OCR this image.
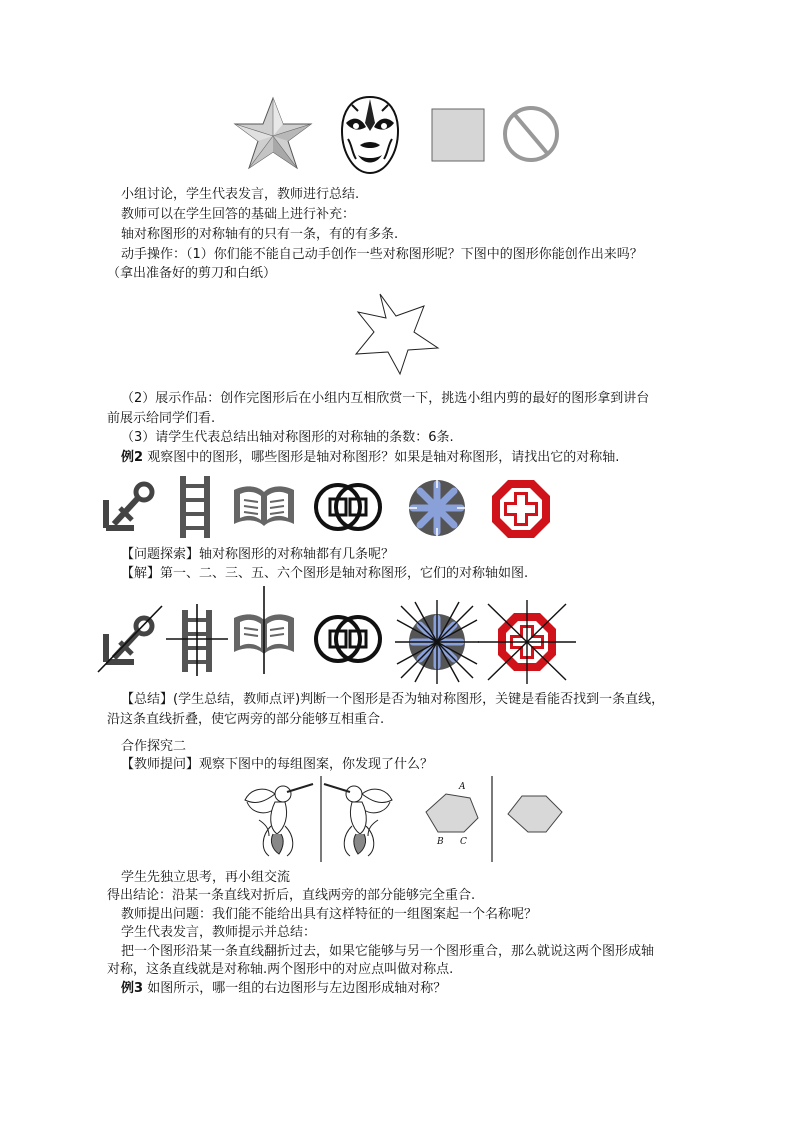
小组讨论，学生代表发言，教师进行总结.
教师可以在学生回答的基础上进行补充：
轴对称图形的对称轴有的只有一条，有的有多条.
动手操作：（1）你们能不能自己动手创作一些对称图形呢？下图中的图形你能创作出来吗？
（拿出准备好的剪刀和白纸）
（2）展示作品：创作完图形后在小组内互相欣赏一下，挑选小组内剪的最好的图形拿到讲台
前展示给同学们看.
（3）请学生代表总结出轴对称图形的对称轴的条数：6条.
例2 观察图中的图形，哪些图形是轴对称图形？如果是轴对称图形，请找出它的对称轴.
【问题探索】轴对称图形的对称轴都有几条呢？
【解】第一、二、三、五、六个图形是轴对称图形，它们的对称轴如图.
【总结】(学生总结，教师点评)判断一个图形是否为轴对称图形，关键是看能否找到一条直线，
沿这条直线折叠，使它两旁的部分能够互相重合.
合作探究二
【教师提问】观察下图中的每组图案，你发现了什么？
A
B C
学生先独立思考，再小组交流
得出结论：沿某一条直线对折后，直线两旁的部分能够完全重合.
教师提出问题：我们能不能给出具有这样特征的一组图案起一个名称呢？
学生代表发言，教师提示并总结：
把一个图形沿某一条直线翻折过去，如果它能够与另一个图形重合，那么就说这两个图形成轴
对称，这条直线就是对称轴.两个图形中的对应点叫做对称点.
例3 如图所示，哪一组的右边图形与左边图形成轴对称？
